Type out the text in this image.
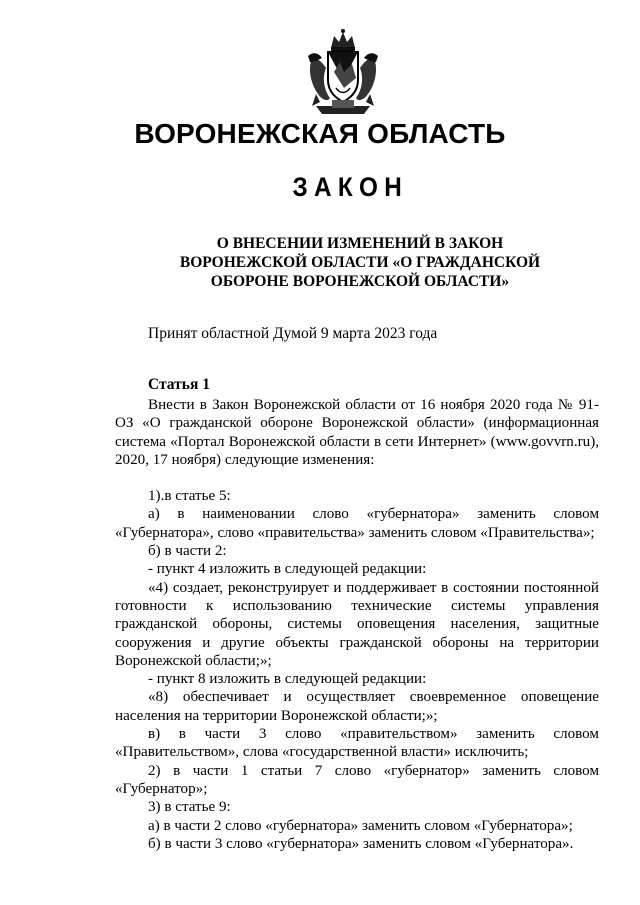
ВОРОНЕЖСКАЯ ОБЛАСТЬ
ЗАКОН
О ВНЕСЕНИИ ИЗМЕНЕНИЙ В ЗАКОН
ВОРОНЕЖСКОЙ ОБЛАСТИ «О ГРАЖДАНСКОЙ
ОБОРОНЕ ВОРОНЕЖСКОЙ ОБЛАСТИ»
Принят областной Думой 9 марта 2023 года
Статья 1

Внести в Закон Воронежской области от 16 ноября 2020 года № 91-ОЗ «О гражданской обороне Воронежской области» (информационная система «Портал Воронежской области в сети Интернет» (www.govvrn.ru), 2020, 17 ноября) следующие изменения:

1).в статье 5:

а) в наименовании слово «губернатора» заменить словом «Губернатора», слово «правительства» заменить словом «Правительства»;

б) в части 2:

- пункт 4 изложить в следующей редакции:

«4) создает, реконструирует и поддерживает в состоянии постоянной готовности к использованию технические системы управления гражданской обороны, системы оповещения населения, защитные сооружения и другие объекты гражданской обороны на территории Воронежской области;»;

- пункт 8 изложить в следующей редакции:

«8) обеспечивает и осуществляет своевременное оповещение населения на территории Воронежской области;»;

в) в части 3 слово «правительством» заменить словом «Правительством», слова «государственной власти» исключить;

2) в части 1 статьи 7 слово «губернатор» заменить словом «Губернатор»;

3) в статье 9:

а) в части 2 слово «губернатора» заменить словом «Губернатора»;

б) в части 3 слово «губернатора» заменить словом «Губернатора».
